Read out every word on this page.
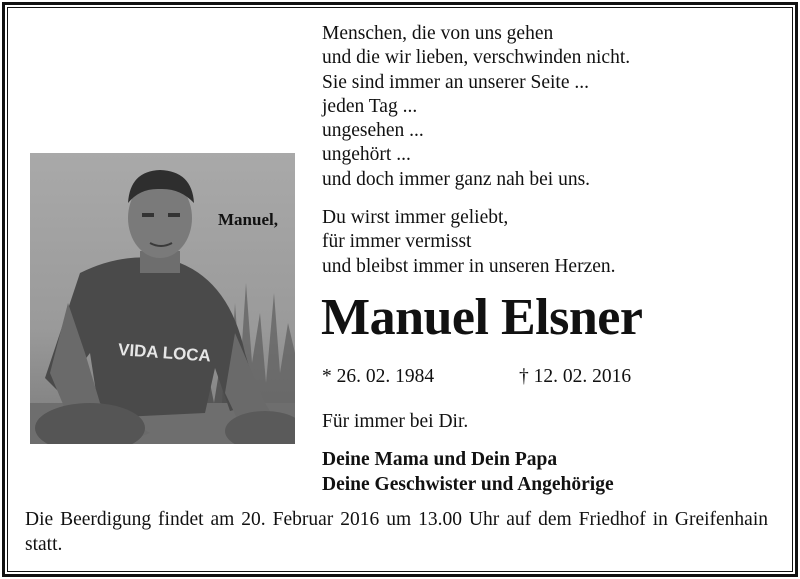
VIDA LOCA
Manuel,
Menschen, die von uns gehen
und die wir lieben, verschwinden nicht.
Sie sind immer an unserer Seite ...
jeden Tag ...
ungesehen ...
ungehört ...
und doch immer ganz nah bei uns.
Du wirst immer geliebt,
für immer vermisst
und bleibst immer in unseren Herzen.
Manuel Elsner
* 26. 02. 1984	† 12. 02. 2016
Für immer bei Dir.
Deine Mama und Dein Papa
Deine Geschwister und Angehörige
Die Beerdigung findet am 20. Februar 2016 um 13.00 Uhr auf dem Friedhof in Greifenhain statt.
